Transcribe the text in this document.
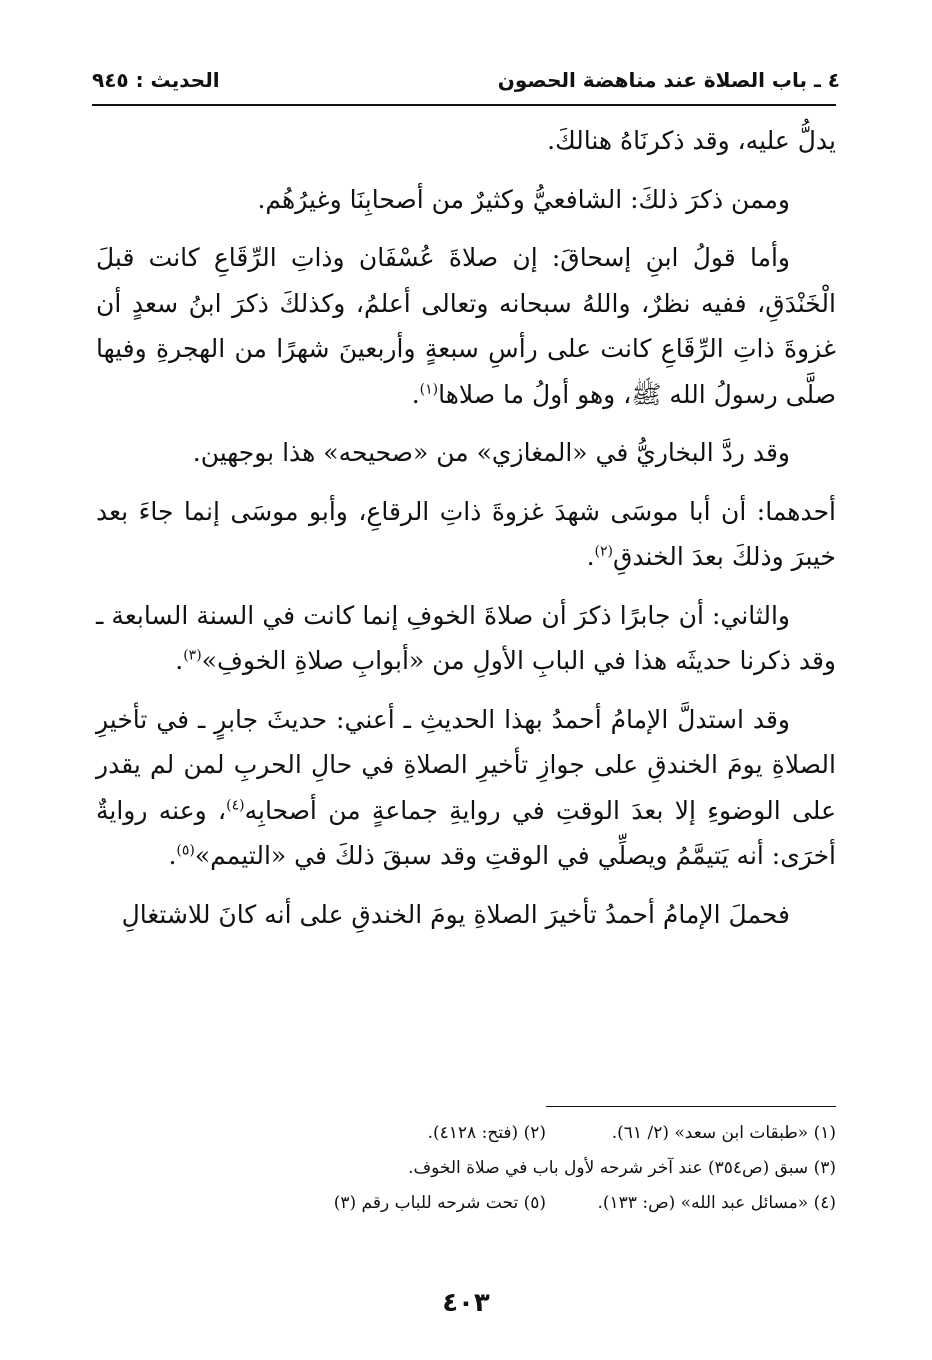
٤ ـ باب الصلاة عند مناهضة الحصون
الحديث : ٩٤٥

يدلُّ عليه، وقد ذكرنَاهُ هنالكَ.

وممن ذكرَ ذلكَ: الشافعيُّ وكثيرٌ من أصحابِنَا وغيرُهُم.

وأما قولُ ابنِ إسحاقَ: إن صلاةَ عُسْفَان وذاتِ الرِّقَاعِ كانت قبلَ الْخَنْدَقِ، ففيه نظرٌ، واللهُ سبحانه وتعالى أعلمُ، وكذلكَ ذكرَ ابنُ سعدٍ أن غزوةَ ذاتِ الرِّقَاعِ كانت على رأسِ سبعةٍ وأربعينَ شهرًا من الهجرةِ وفيها صلَّى رسولُ الله ﷺ، وهو أولُ ما صلاها$^{(١)}$.

وقد ردَّ البخاريُّ في «المغازي» من «صحيحه» هذا بوجهين.

أحدهما: أن أبا موسَى شهدَ غزوةَ ذاتِ الرقاعِ، وأبو موسَى إنما جاءَ بعد خيبرَ وذلكَ بعدَ الخندقِ$^{(٢)}$.

والثاني: أن جابرًا ذكرَ أن صلاةَ الخوفِ إنما كانت في السنة السابعة ـ وقد ذكرنا حديثَه هذا في البابِ الأولِ من «أبوابِ صلاةِ الخوفِ»$^{(٣)}$.

وقد استدلَّ الإمامُ أحمدُ بهذا الحديثِ ـ أعني: حديثَ جابرٍ ـ في تأخيرِ الصلاةِ يومَ الخندقِ على جوازِ تأخيرِ الصلاةِ في حالِ الحربِ لمن لم يقدر على الوضوءِ إلا بعدَ الوقتِ في روايةِ جماعةٍ من أصحابِه$^{(٤)}$، وعنه روايةٌ أخرَى: أنه يَتيمَّمُ ويصلِّي في الوقتِ وقد سبقَ ذلكَ في «التيمم»$^{(٥)}$.

فحملَ الإمامُ أحمدُ تأخيرَ الصلاةِ يومَ الخندقِ على أنه كانَ للاشتغالِ

(١) «طبقات ابن سعد» (٢/ ٦١).
(٢) (فتح: ٤١٢٨).
(٣) سبق (ص٣٥٤) عند آخر شرحه لأول باب في صلاة الخوف.
(٤) «مسائل عبد الله» (ص: ١٣٣).
(٥) تحت شرحه للباب رقم (٣)
٤٠٣
